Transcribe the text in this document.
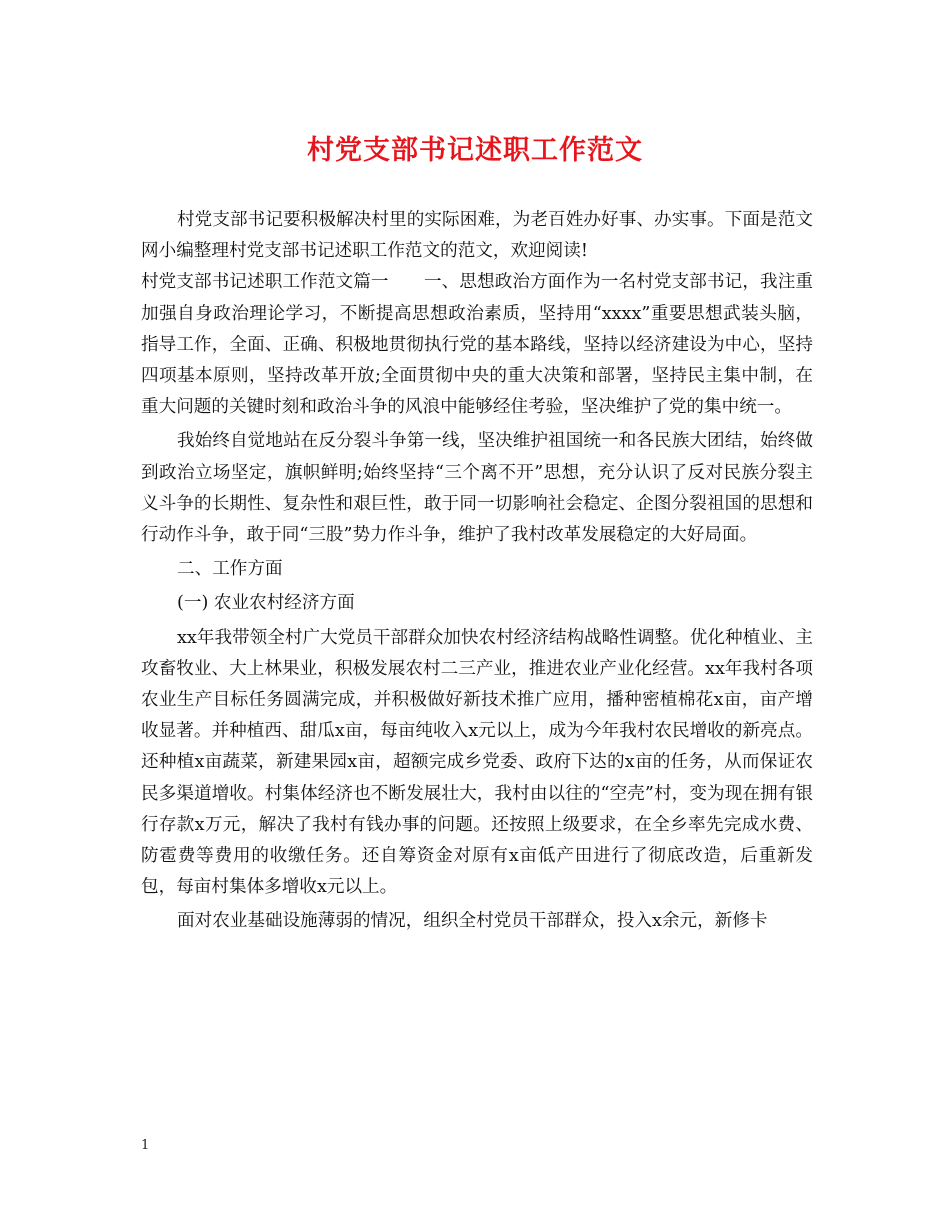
村党支部书记述职工作范文

村党支部书记要积极解决村里的实际困难，为老百姓办好事、办实事。下面是范文网小编整理村党支部书记述职工作范文的范文，欢迎阅读!

村党支部书记述职工作范文篇一　　一、思想政治方面作为一名村党支部书记，我注重加强自身政治理论学习，不断提高思想政治素质，坚持用“xxxx”重要思想武装头脑，指导工作，全面、正确、积极地贯彻执行党的基本路线，坚持以经济建设为中心，坚持四项基本原则，坚持改革开放;全面贯彻中央的重大决策和部署，坚持民主集中制，在重大问题的关键时刻和政治斗争的风浪中能够经住考验，坚决维护了党的集中统一。

我始终自觉地站在反分裂斗争第一线，坚决维护祖国统一和各民族大团结，始终做到政治立场坚定，旗帜鲜明;始终坚持“三个离不开”思想，充分认识了反对民族分裂主义斗争的长期性、复杂性和艰巨性，敢于同一切影响社会稳定、企图分裂祖国的思想和行动作斗争，敢于同“三股”势力作斗争，维护了我村改革发展稳定的大好局面。

二、工作方面

(一) 农业农村经济方面

xx年我带领全村广大党员干部群众加快农村经济结构战略性调整。优化种植业、主攻畜牧业、大上林果业，积极发展农村二三产业，推进农业产业化经营。xx年我村各项农业生产目标任务圆满完成，并积极做好新技术推广应用，播种密植棉花x亩，亩产增收显著。并种植西、甜瓜x亩，每亩纯收入x元以上，成为今年我村农民增收的新亮点。还种植x亩蔬菜，新建果园x亩，超额完成乡党委、政府下达的x亩的任务，从而保证农民多渠道增收。村集体经济也不断发展壮大，我村由以往的“空壳”村，变为现在拥有银行存款x万元，解决了我村有钱办事的问题。还按照上级要求，在全乡率先完成水费、防雹费等费用的收缴任务。还自筹资金对原有x亩低产田进行了彻底改造，后重新发包，每亩村集体多增收x元以上。

面对农业基础设施薄弱的情况，组织全村党员干部群众，投入x余元，新修卡

1
